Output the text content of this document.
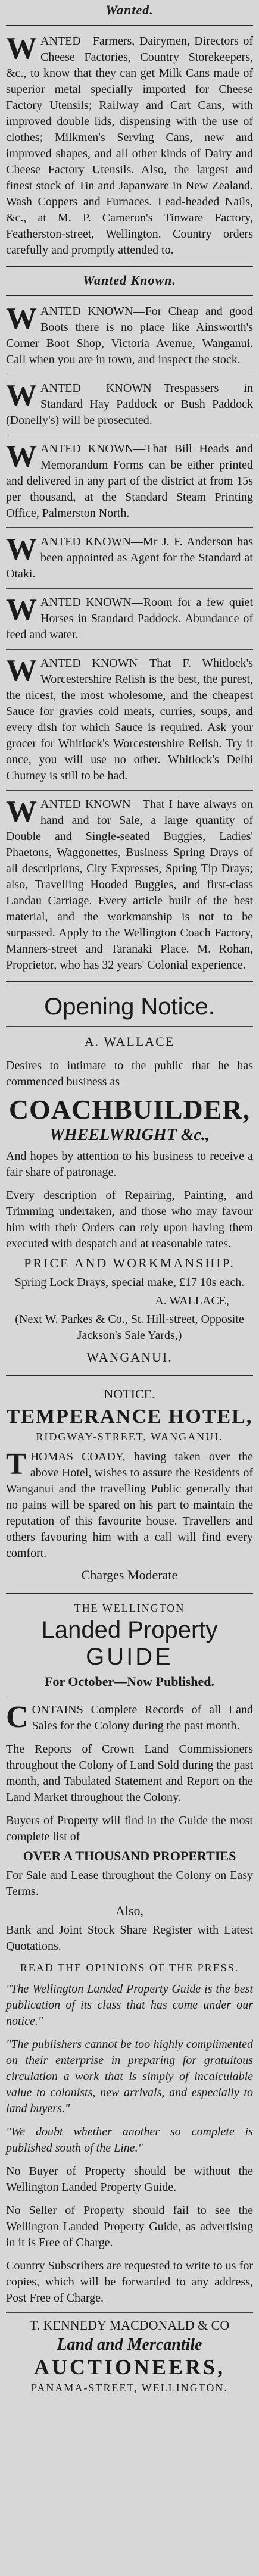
Wanted.
W ANTED—Farmers, Dairymen, Directors of Cheese Factories, Country Storekeepers, &c., to know that they can get Milk Cans made of superior metal specially imported for Cheese Factory Utensils; Railway and Cart Cans, with improved double lids, dispensing with the use of clothes; Milkmen's Serving Cans, new and improved shapes, and all other kinds of Dairy and Cheese Factory Utensils. Also, the largest and finest stock of Tin and Japanware in New Zealand. Wash Coppers and Furnaces. Lead-headed Nails, &c., at M. P. Cameron's Tinware Factory, Featherston-street, Wellington. Country orders carefully and promptly attended to.
Wanted Known.
W ANTED KNOWN—For Cheap and good Boots there is no place like Ainsworth's Corner Boot Shop, Victoria Avenue, Wanganui. Call when you are in town, and inspect the stock.
W ANTED KNOWN—Trespassers in Standard Hay Paddock or Bush Paddock (Donelly's) will be prosecuted.
W ANTED KNOWN—That Bill Heads and Memorandum Forms can be either printed and delivered in any part of the district at from 15s per thousand, at the Standard Steam Printing Office, Palmerston North.
W ANTED KNOWN—Mr J. F. Anderson has been appointed as Agent for the Standard at Otaki.
W ANTED KNOWN—Room for a few quiet Horses in Standard Paddock. Abundance of feed and water.
W ANTED KNOWN—That F. Whitlock's Worcestershire Relish is the best, the purest, the nicest, the most wholesome, and the cheapest Sauce for gravies cold meats, curries, soups, and every dish for which Sauce is required. Ask your grocer for Whitlock's Worcestershire Relish. Try it once, you will use no other. Whitlock's Delhi Chutney is still to be had.
W ANTED KNOWN—That I have always on hand and for Sale, a large quantity of Double and Single-seated Buggies, Ladies' Phaetons, Waggonettes, Business Spring Drays of all descriptions, City Expresses, Spring Tip Drays; also, Travelling Hooded Buggies, and first-class Landau Carriage. Every article built of the best material, and the workmanship is not to be surpassed. Apply to the Wellington Coach Factory, Manners-street and Taranaki Place. M. Rohan, Proprietor, who has 32 years' Colonial experience.
Opening Notice.
A. WALLACE
Desires to intimate to the public that he has commenced business as
COACHBUILDER,
WHEELWRIGHT &c.,
And hopes by attention to his business to receive a fair share of patronage.
Every description of Repairing, Painting, and Trimming undertaken, and those who may favour him with their Orders can rely upon having them executed with despatch and at reasonable rates.
PRICE AND WORKMANSHIP.
Spring Lock Drays, special make, £17 10s each.
A. WALLACE,
(Next W. Parkes & Co., St. Hill-street, Opposite Jackson's Sale Yards,)
WANGANUI.
NOTICE.
TEMPERANCE HOTEL,
RIDGWAY-STREET, WANGANUI.
T HOMAS COADY, having taken over the above Hotel, wishes to assure the Residents of Wanganui and the travelling Public generally that no pains will be spared on his part to maintain the reputation of this favourite house. Travellers and others favouring him with a call will find every comfort.
Charges Moderate
THE WELLINGTON
Landed Property
GUIDE
For October—Now Published.
C ONTAINS Complete Records of all Land Sales for the Colony during the past month.
The Reports of Crown Land Commissioners throughout the Colony of Land Sold during the past month, and Tabulated Statement and Report on the Land Market throughout the Colony.
Buyers of Property will find in the Guide the most complete list of
OVER A THOUSAND PROPERTIES
For Sale and Lease throughout the Colony on Easy Terms.
Also,
Bank and Joint Stock Share Register with Latest Quotations.
READ THE OPINIONS OF THE PRESS.
"The Wellington Landed Property Guide is the best publication of its class that has come under our notice."
"The publishers cannot be too highly complimented on their enterprise in preparing for gratuitous circulation a work that is simply of incalculable value to colonists, new arrivals, and especially to land buyers."
"We doubt whether another so complete is published south of the Line."
No Buyer of Property should be without the Wellington Landed Property Guide.
No Seller of Property should fail to see the Wellington Landed Property Guide, as advertising in it is Free of Charge.
Country Subscribers are requested to write to us for copies, which will be forwarded to any address, Post Free of Charge.
T. KENNEDY MACDONALD & CO
Land and Mercantile
AUCTIONEERS,
PANAMA-STREET, WELLINGTON.
